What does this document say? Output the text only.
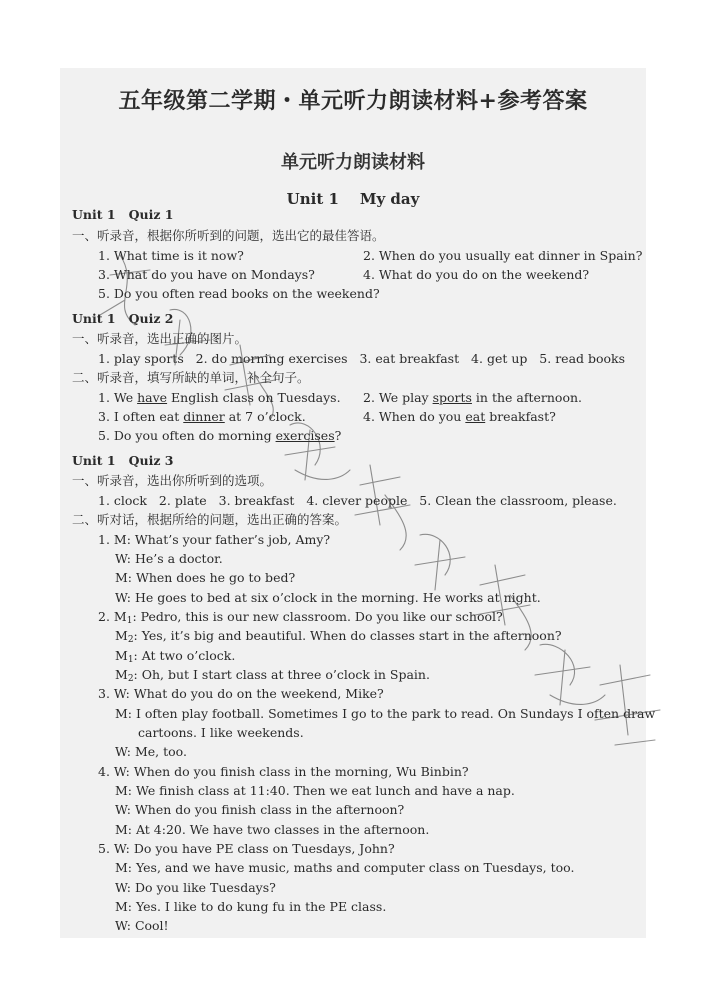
五年级第二学期・单元听力朗读材料+参考答案
单元听力朗读材料
Unit 1    My day
Unit 1   Quiz 1
一、听录音，根据你所听到的问题，选出它的最佳答语。
1. What time is it now?	2. When do you usually eat dinner in Spain?
3. What do you have on Mondays?	4. What do you do on the weekend?
5. Do you often read books on the weekend?
Unit 1   Quiz 2
一、听录音，选出正确的图片。
1. play sports   2. do morning exercises   3. eat breakfast   4. get up   5. read books
二、听录音，填写所缺的单词，补全句子。
1. We have English class on Tuesdays. 2. We play sports in the afternoon.
3. I often eat dinner at 7 o’clock.	4. When do you eat breakfast?
5. Do you often do morning exercises?
Unit 1   Quiz 3
一、听录音，选出你所听到的选项。
1. clock   2. plate   3. breakfast   4. clever people   5. Clean the classroom, please.
二、听对话，根据所给的问题，选出正确的答案。
1. M: What’s your father’s job, Amy?
W: He’s a doctor.
M: When does he go to bed?
W: He goes to bed at six o’clock in the morning. He works at night.
2. $M_1$: Pedro, this is our new classroom. Do you like our school?
$M_2$: Yes, it’s big and beautiful. When do classes start in the afternoon?
$M_1$: At two o’clock.
$M_2$: Oh, but I start class at three o’clock in Spain.
3. W: What do you do on the weekend, Mike?
M: I often play football. Sometimes I go to the park to read. On Sundays I often draw
cartoons. I like weekends.
W: Me, too.
4. W: When do you finish class in the morning, Wu Binbin?
M: We finish class at 11:40. Then we eat lunch and have a nap.
W: When do you finish class in the afternoon?
M: At 4:20. We have two classes in the afternoon.
5. W: Do you have PE class on Tuesdays, John?
M: Yes, and we have music, maths and computer class on Tuesdays, too.
W: Do you like Tuesdays?
M: Yes. I like to do kung fu in the PE class.
W: Cool!
